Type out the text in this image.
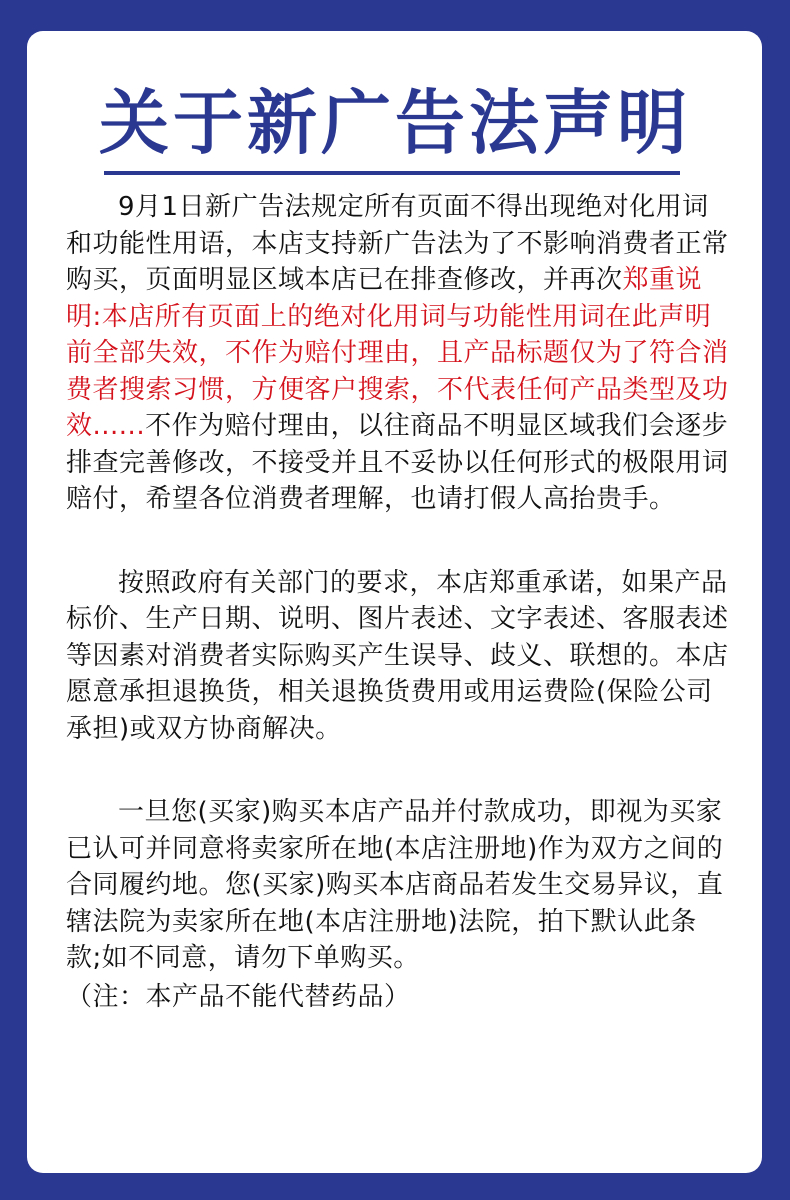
关于新广告法声明

9月1日新广告法规定所有页面不得出现绝对化用词和功能性用语，本店支持新广告法为了不影响消费者正常购买，页面明显区域本店已在排查修改，并再次郑重说明:本店所有页面上的绝对化用词与功能性用词在此声明前全部失效，不作为赔付理由，且产品标题仅为了符合消费者搜索习惯，方便客户搜索，不代表任何产品类型及功效......不作为赔付理由，以往商品不明显区域我们会逐步排查完善修改，不接受并且不妥协以任何形式的极限用词赔付，希望各位消费者理解，也请打假人高抬贵手。

按照政府有关部门的要求，本店郑重承诺，如果产品标价、生产日期、说明、图片表述、文字表述、客服表述等因素对消费者实际购买产生误导、歧义、联想的。本店愿意承担退换货，相关退换货费用或用运费险(保险公司承担)或双方协商解决。

一旦您(买家)购买本店产品并付款成功，即视为买家已认可并同意将卖家所在地(本店注册地)作为双方之间的合同履约地。您(买家)购买本店商品若发生交易异议，直辖法院为卖家所在地(本店注册地)法院，拍下默认此条款;如不同意，请勿下单购买。

（注：本产品不能代替药品）
